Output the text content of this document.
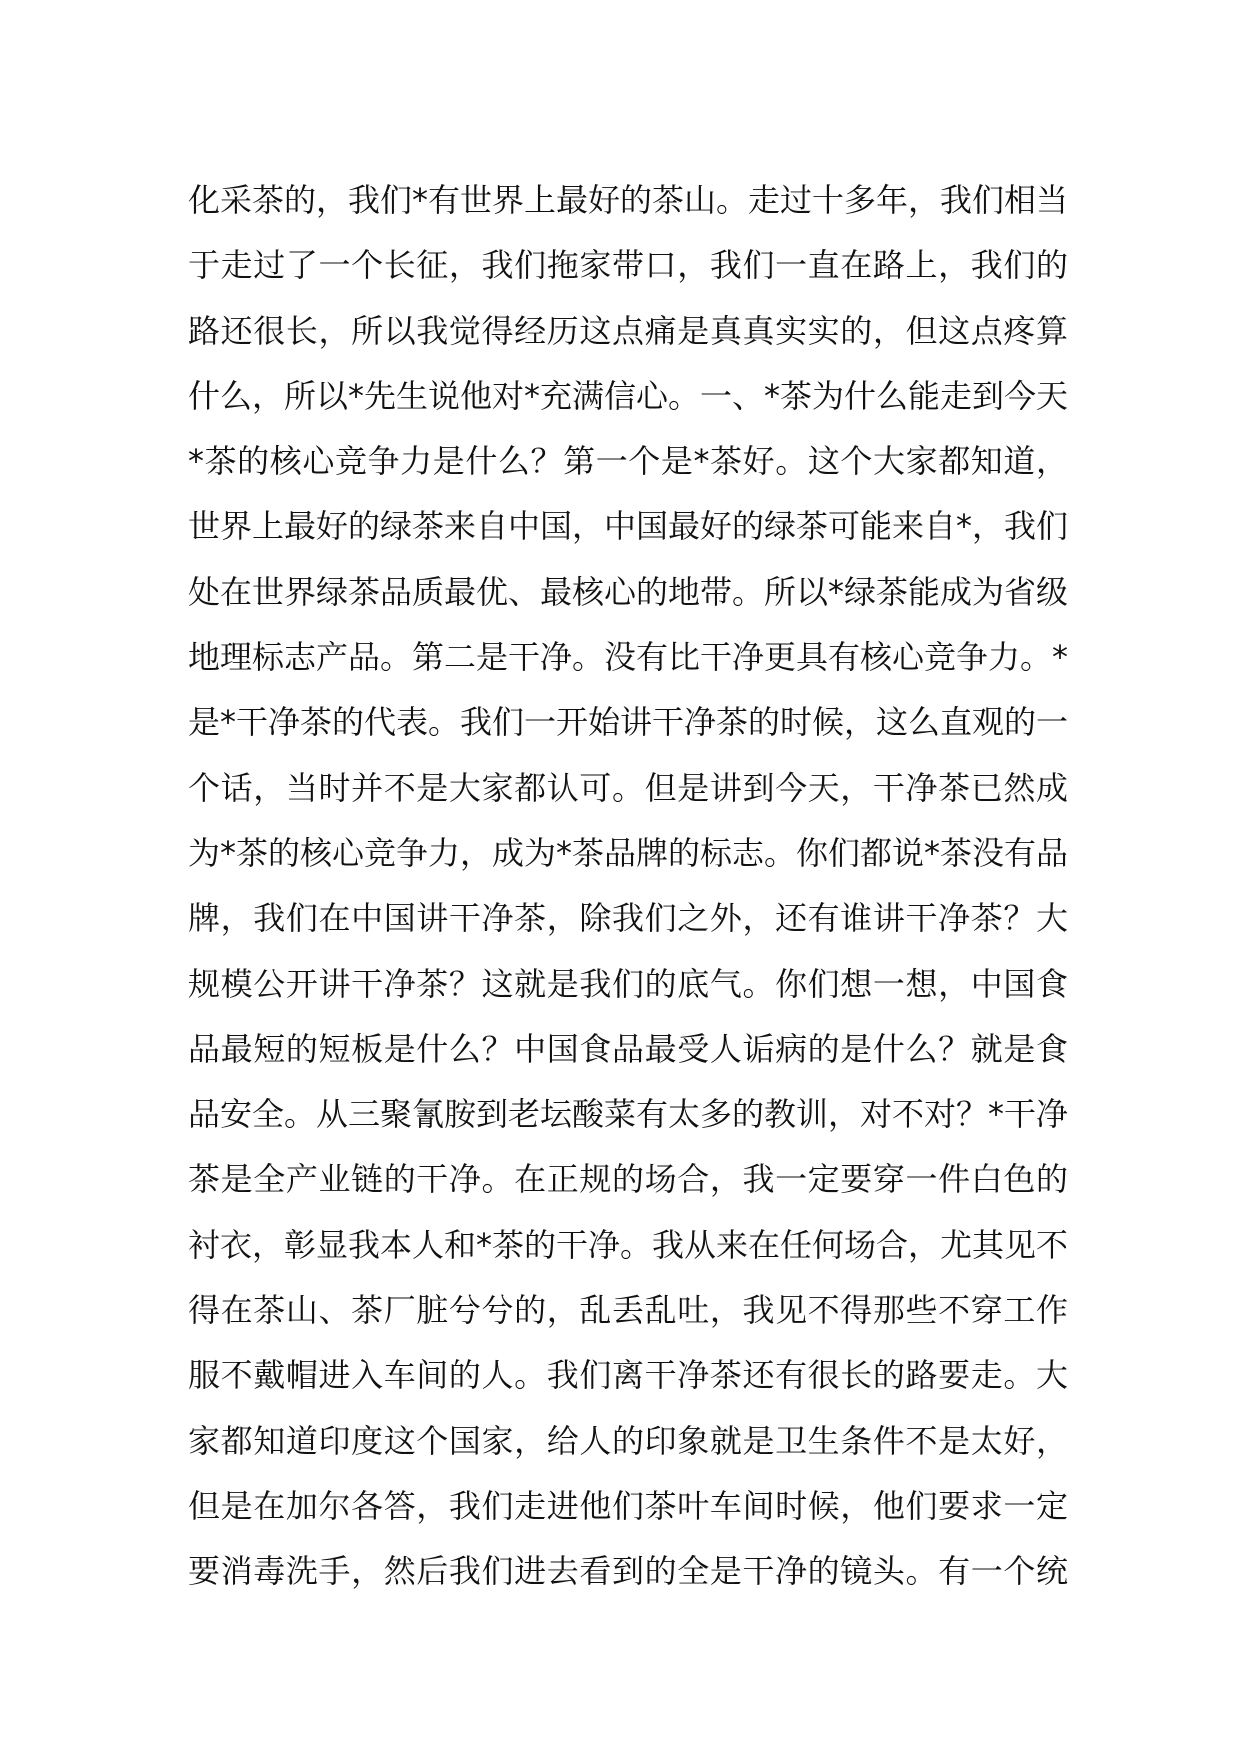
化采茶的，我们*有世界上最好的茶山。走过十多年，我们相当
于走过了一个长征，我们拖家带口，我们一直在路上，我们的
路还很长，所以我觉得经历这点痛是真真实实的，但这点疼算
什么，所以*先生说他对*充满信心。一、*茶为什么能走到今天
*茶的核心竞争力是什么？第一个是*茶好。这个大家都知道，
世界上最好的绿茶来自中国，中国最好的绿茶可能来自*，我们
处在世界绿茶品质最优、最核心的地带。所以*绿茶能成为省级
地理标志产品。第二是干净。没有比干净更具有核心竞争力。*
是*干净茶的代表。我们一开始讲干净茶的时候，这么直观的一
个话，当时并不是大家都认可。但是讲到今天，干净茶已然成
为*茶的核心竞争力，成为*茶品牌的标志。你们都说*茶没有品
牌，我们在中国讲干净茶，除我们之外，还有谁讲干净茶？大
规模公开讲干净茶？这就是我们的底气。你们想一想，中国食
品最短的短板是什么？中国食品最受人诟病的是什么？就是食
品安全。从三聚氰胺到老坛酸菜有太多的教训，对不对？*干净
茶是全产业链的干净。在正规的场合，我一定要穿一件白色的
衬衣，彰显我本人和*茶的干净。我从来在任何场合，尤其见不
得在茶山、茶厂脏兮兮的，乱丢乱吐，我见不得那些不穿工作
服不戴帽进入车间的人。我们离干净茶还有很长的路要走。大
家都知道印度这个国家，给人的印象就是卫生条件不是太好，
但是在加尔各答，我们走进他们茶叶车间时候，他们要求一定
要消毒洗手，然后我们进去看到的全是干净的镜头。有一个统
